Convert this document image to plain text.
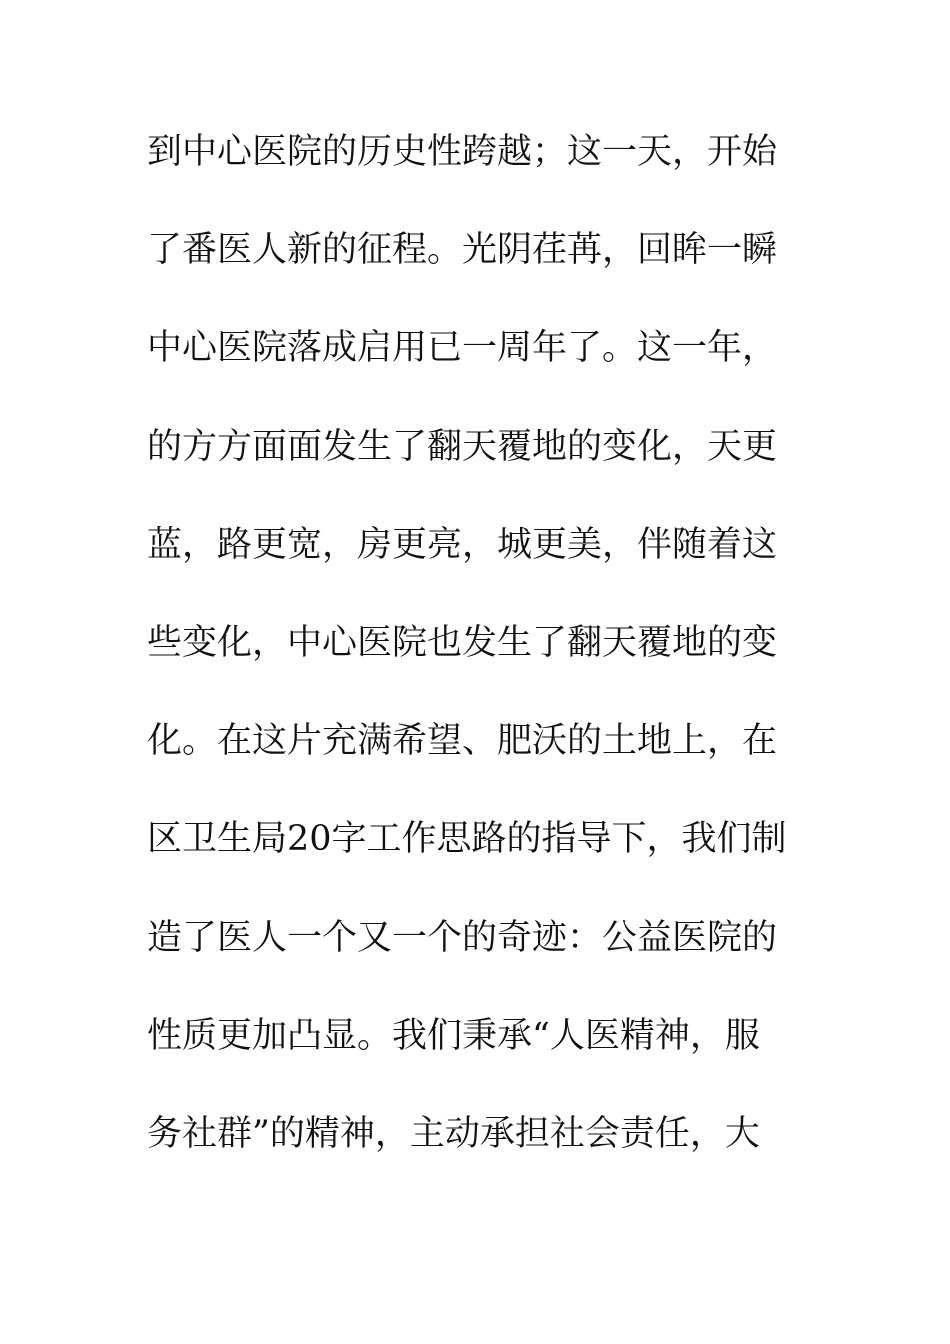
到中心医院的历史性跨越；这一天，开始
了番医人新的征程。光阴荏苒，回眸一瞬
中心医院落成启用已一周年了。这一年，
的方方面面发生了翻天覆地的变化，天更
蓝，路更宽，房更亮，城更美，伴随着这
些变化，中心医院也发生了翻天覆地的变
化。在这片充满希望、肥沃的土地上，在
区卫生局20字工作思路的指导下，我们制
造了医人一个又一个的奇迹：公益医院的
性质更加凸显。我们秉承“人医精神，服
务社群”的精神，主动承担社会责任，大
